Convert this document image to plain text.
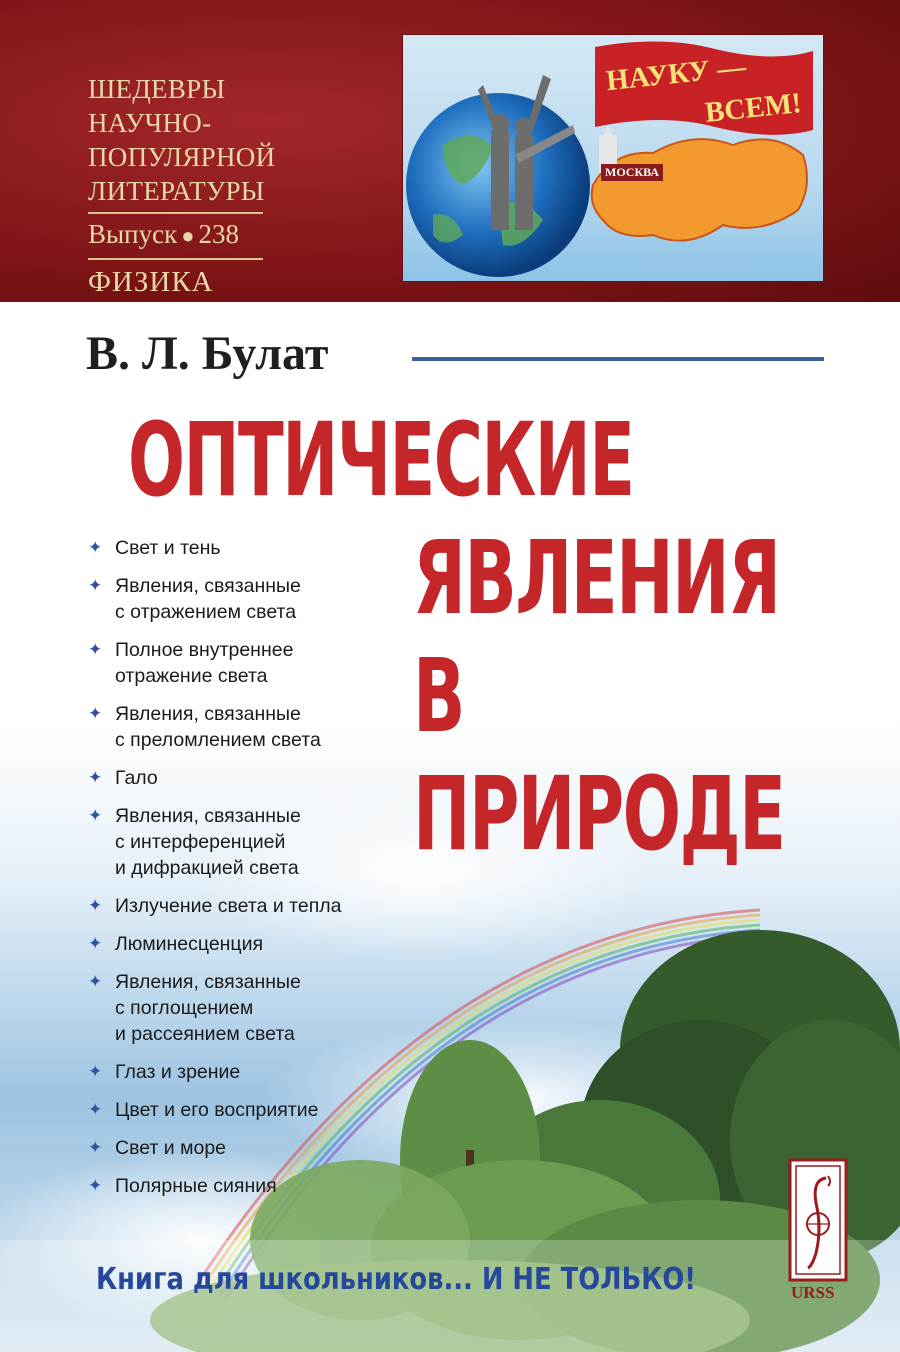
ШЕДЕВРЫ
НАУЧНО-ПОПУЛЯРНОЙ
ЛИТЕРАТУРЫ
Выпуск ● 238
ФИЗИКА
НАУКУ —
ВСЕМ!
МОСКВА
В. Л. Булат
ОПТИЧЕСКИЕ
ЯВЛЕНИЯ
В ПРИРОДЕ
✦ Свет и тень
✦ Явления, связанные
с отражением света
✦ Полное внутреннее
отражение света
✦ Явления, связанные
с преломлением света
✦ Гало
✦ Явления, связанные
с интерференцией
и дифракцией света
✦ Излучение света и тепла
✦ Люминесценция
✦ Явления, связанные
с поглощением
и рассеянием света
✦ Глаз и зрение
✦ Цвет и его восприятие
✦ Свет и море
✦ Полярные сияния
Книга для школьников... И НЕ ТОЛЬКО!	URSS
